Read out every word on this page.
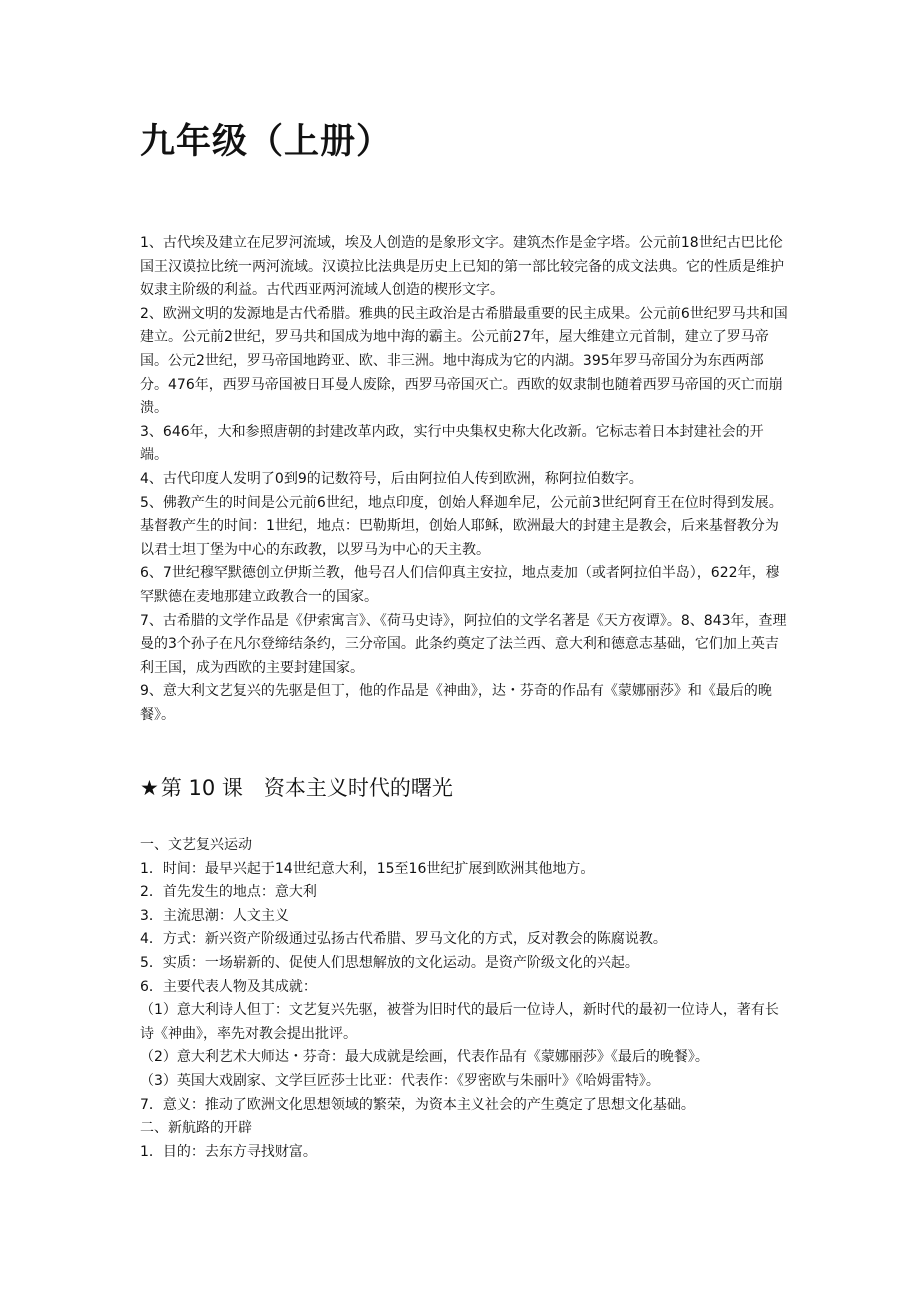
九年级（上册）

1、古代埃及建立在尼罗河流域，埃及人创造的是象形文字。建筑杰作是金字塔。公元前18世纪古巴比伦国王汉谟拉比统一两河流域。汉谟拉比法典是历史上已知的第一部比较完备的成文法典。它的性质是维护奴隶主阶级的利益。古代西亚两河流域人创造的楔形文字。

2、欧洲文明的发源地是古代希腊。雅典的民主政治是古希腊最重要的民主成果。公元前6世纪罗马共和国建立。公元前2世纪，罗马共和国成为地中海的霸主。公元前27年，屋大维建立元首制，建立了罗马帝国。公元2世纪，罗马帝国地跨亚、欧、非三洲。地中海成为它的内湖。395年罗马帝国分为东西两部分。476年，西罗马帝国被日耳曼人废除，西罗马帝国灭亡。西欧的奴隶制也随着西罗马帝国的灭亡而崩溃。

3、646年，大和参照唐朝的封建改革内政，实行中央集权史称大化改新。它标志着日本封建社会的开端。

4、古代印度人发明了0到9的记数符号，后由阿拉伯人传到欧洲，称阿拉伯数字。

5、佛教产生的时间是公元前6世纪，地点印度，创始人释迦牟尼，公元前3世纪阿育王在位时得到发展。基督教产生的时间：1世纪，地点：巴勒斯坦，创始人耶稣，欧洲最大的封建主是教会，后来基督教分为以君士坦丁堡为中心的东政教，以罗马为中心的天主教。

6、7世纪穆罕默德创立伊斯兰教，他号召人们信仰真主安拉，地点麦加（或者阿拉伯半岛），622年，穆罕默德在麦地那建立政教合一的国家。

7、古希腊的文学作品是《伊索寓言》、《荷马史诗》，阿拉伯的文学名著是《天方夜谭》。8、843年，查理曼的3个孙子在凡尔登缔结条约，三分帝国。此条约奠定了法兰西、意大利和德意志基础，它们加上英吉利王国，成为西欧的主要封建国家。

9、意大利文艺复兴的先驱是但丁，他的作品是《神曲》，达・芬奇的作品有《蒙娜丽莎》和《最后的晚餐》。

★第 10 课　资本主义时代的曙光

一、文艺复兴运动

1．时间：最早兴起于14世纪意大利，15至16世纪扩展到欧洲其他地方。

2．首先发生的地点：意大利

3．主流思潮：人文主义

4．方式：新兴资产阶级通过弘扬古代希腊、罗马文化的方式，反对教会的陈腐说教。

5．实质：一场崭新的、促使人们思想解放的文化运动。是资产阶级文化的兴起。

6．主要代表人物及其成就：

（1）意大利诗人但丁：文艺复兴先驱，被誉为旧时代的最后一位诗人，新时代的最初一位诗人，著有长诗《神曲》，率先对教会提出批评。

（2）意大利艺术大师达・芬奇：最大成就是绘画，代表作品有《蒙娜丽莎》《最后的晚餐》。

（3）英国大戏剧家、文学巨匠莎士比亚：代表作：《罗密欧与朱丽叶》《哈姆雷特》。

7．意义：推动了欧洲文化思想领域的繁荣，为资本主义社会的产生奠定了思想文化基础。

二、新航路的开辟

1．目的：去东方寻找财富。
